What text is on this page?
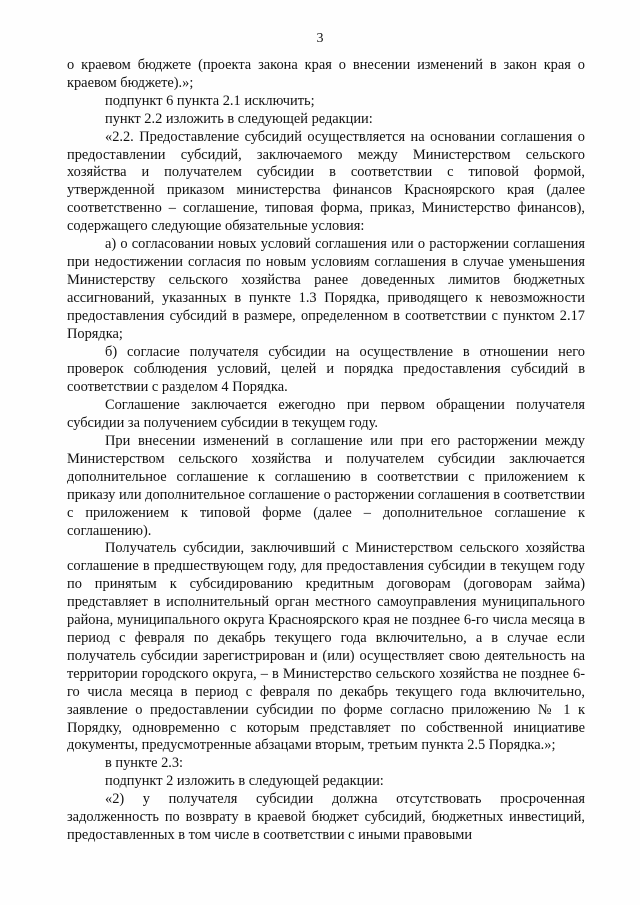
3

о краевом бюджете (проекта закона края о внесении изменений в закон края о краевом бюджете).»;

подпункт 6 пункта 2.1 исключить;

пункт 2.2 изложить в следующей редакции:

«2.2. Предоставление субсидий осуществляется на основании соглашения о предоставлении субсидий, заключаемого между Министерством сельского хозяйства и получателем субсидии в соответствии с типовой формой, утвержденной приказом министерства финансов Красноярского края (далее соответственно – соглашение, типовая форма, приказ, Министерство финансов), содержащего следующие обязательные условия:

а) о согласовании новых условий соглашения или о расторжении соглашения при недостижении согласия по новым условиям соглашения в случае уменьшения Министерству сельского хозяйства ранее доведенных лимитов бюджетных ассигнований, указанных в пункте 1.3 Порядка, приводящего к невозможности предоставления субсидий в размере, определенном в соответствии с пунктом 2.17 Порядка;

б) согласие получателя субсидии на осуществление в отношении него проверок соблюдения условий, целей и порядка предоставления субсидий в соответствии с разделом 4 Порядка.

Соглашение заключается ежегодно при первом обращении получателя субсидии за получением субсидии в текущем году.

При внесении изменений в соглашение или при его расторжении между Министерством сельского хозяйства и получателем субсидии заключается дополнительное соглашение к соглашению в соответствии с приложением к приказу или дополнительное соглашение о расторжении соглашения в соответствии с приложением к типовой форме (далее – дополнительное соглашение к соглашению).

Получатель субсидии, заключивший с Министерством сельского хозяйства соглашение в предшествующем году, для предоставления субсидии в текущем году по принятым к субсидированию кредитным договорам (договорам займа) представляет в исполнительный орган местного самоуправления муниципального района, муниципального округа Красноярского края не позднее 6-го числа месяца в период с февраля по декабрь текущего года включительно, а в случае если получатель субсидии зарегистрирован и (или) осуществляет свою деятельность на территории городского округа, – в Министерство сельского хозяйства не позднее 6-го числа месяца в период с февраля по декабрь текущего года включительно, заявление о предоставлении субсидии по форме согласно приложению № 1 к Порядку, одновременно с которым представляет по собственной инициативе документы, предусмотренные абзацами вторым, третьим пункта 2.5 Порядка.»;

в пункте 2.3:

подпункт 2 изложить в следующей редакции:

«2) у получателя субсидии должна отсутствовать просроченная задолженность по возврату в краевой бюджет субсидий, бюджетных инвестиций, предоставленных в том числе в соответствии с иными правовыми
